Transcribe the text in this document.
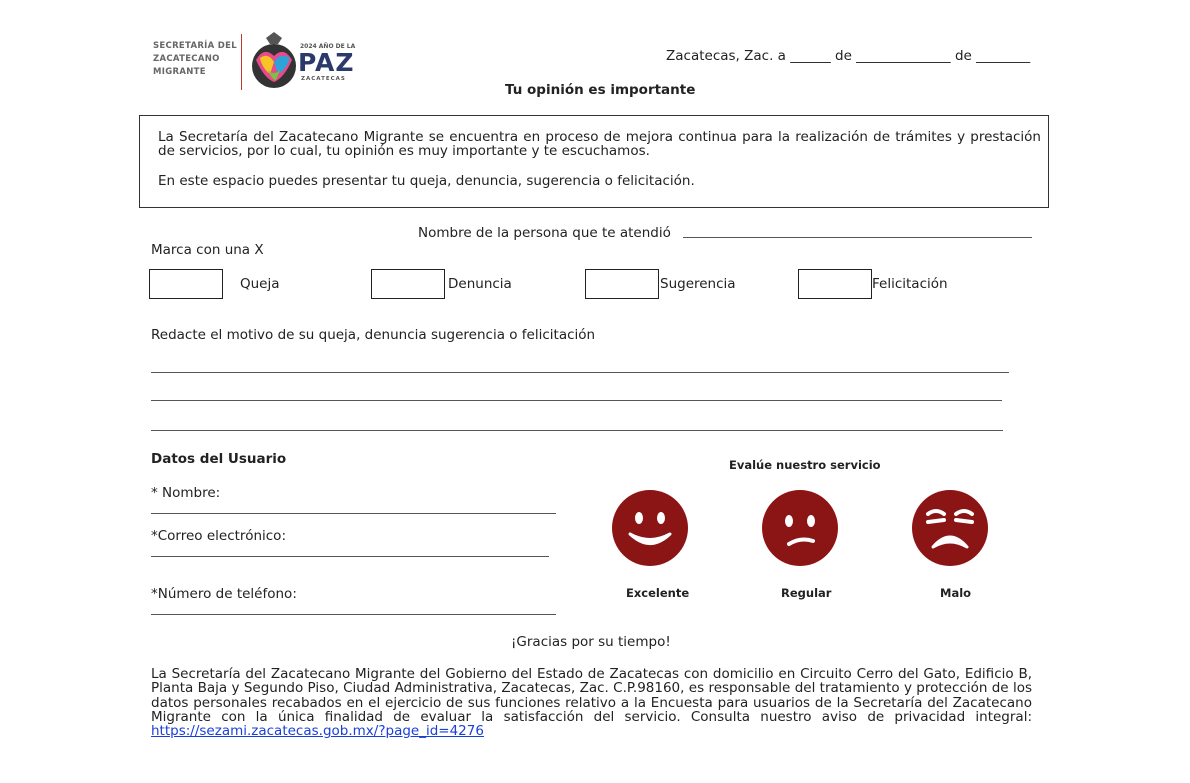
SECRETARÍA DEL
ZACATECANO
MIGRANTE
2024 AÑO DE LA
PAZ
ZACATECAS
Zacatecas, Zac. a ______ de ______________ de ________
Tu opinión es importante
La Secretaría del Zacatecano Migrante se encuentra en proceso de mejora continua para la realización de trámites y prestación de servicios, por lo cual, tu opinión es muy importante y te escuchamos.
En este espacio puedes presentar tu queja, denuncia, sugerencia o felicitación.
Nombre de la persona que te atendió
Marca con una X
Queja	Denuncia	Sugerencia	Felicitación
Redacte el motivo de su queja, denuncia sugerencia o felicitación
Datos del Usuario
* Nombre:
*Correo electrónico:
*Número de teléfono:
Evalúe nuestro servicio
Excelente	Regular	Malo
¡Gracias por su tiempo!
La Secretaría del Zacatecano Migrante del Gobierno del Estado de Zacatecas con domicilio en Circuito Cerro del Gato, Edificio B, Planta Baja y Segundo Piso, Ciudad Administrativa, Zacatecas, Zac. C.P.98160, es responsable del tratamiento y protección de los datos personales recabados en el ejercicio de sus funciones relativo a la Encuesta para usuarios de la Secretaría del Zacatecano Migrante con la única finalidad de evaluar la satisfacción del servicio. Consulta nuestro aviso de privacidad integral: https://sezami.zacatecas.gob.mx/?page_id=4276
